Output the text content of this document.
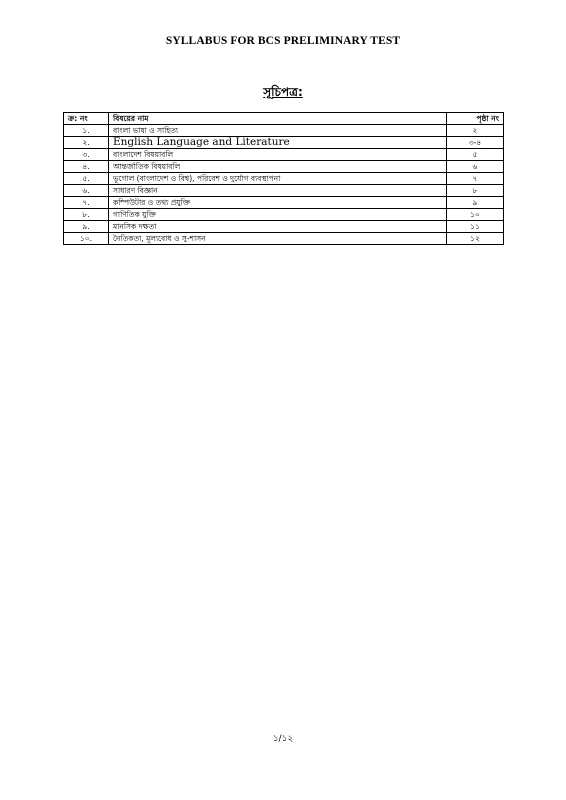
SYLLABUS FOR BCS PRELIMINARY TEST
সূচিপত্র:
ক্র: নং	বিষয়ের নাম	পৃষ্ঠা নং
১.	বাংলা ভাষা ও সাহিত্য	২
২.	English Language and Literature	৩-৪
৩.	বাংলাদেশ বিষয়াবলি	৫
৪.	আন্তর্জাতিক বিষয়াবলি	৬
৫.	ভূগোল (বাংলাদেশ ও বিশ্ব), পরিবেশ ও দুর্যোগ ব্যবস্থাপনা	৭
৬.	সাধারণ বিজ্ঞান	৮
৭.	কম্পিউটার ও তথ্য প্রযুক্তি	৯
৮.	গাণিতিক যুক্তি	১০
৯.	মানসিক দক্ষতা	১১
১০.	নৈতিকতা, মূল্যবোধ ও সু-শাসন	১২
১/১২
